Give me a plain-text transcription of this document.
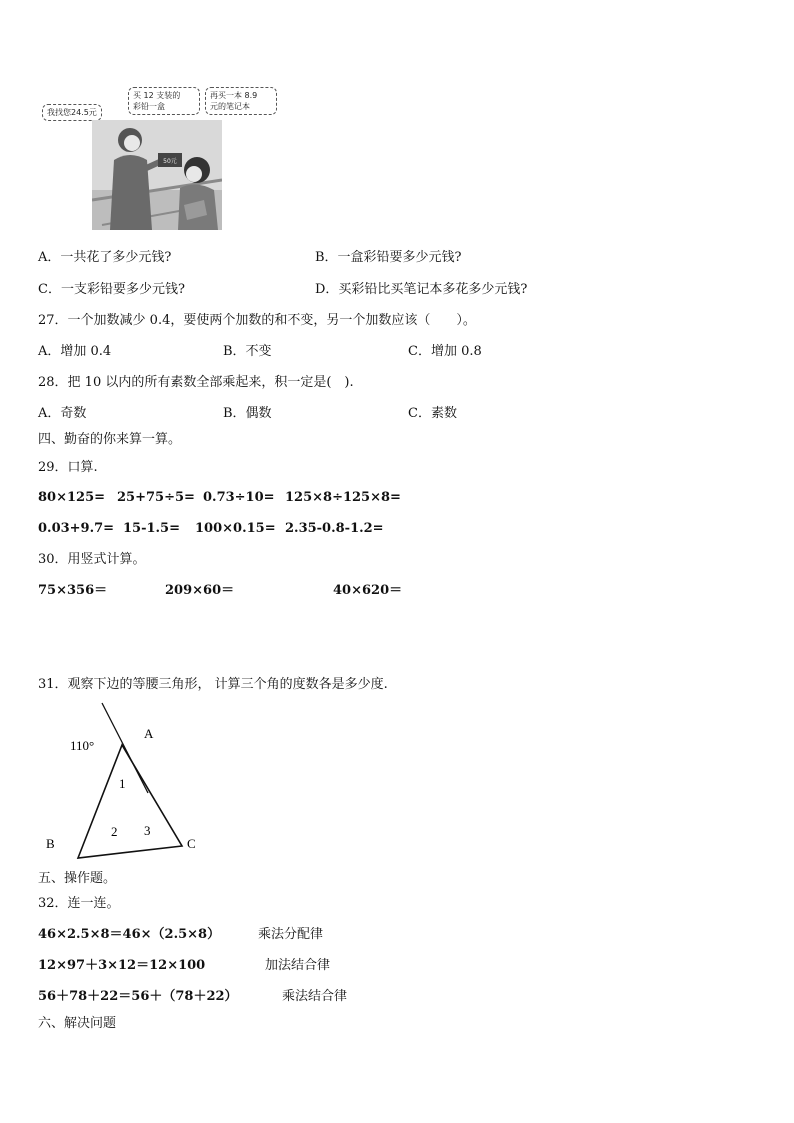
我找您24.5元
买 12 支装的
彩铅一盒
再买一本 8.9
元的笔记本
50元
A．一共花了多少元钱?	B．一盒彩铅要多少元钱?
C．一支彩铅要多少元钱?	D．买彩铅比买笔记本多花多少元钱?
27．一个加数减少 0.4，要使两个加数的和不变，另一个加数应该（　　）。
A．增加 0.4	B．不变	C．增加 0.8
28．把 10 以内的所有素数全部乘起来，积一定是(　).
A．奇数	B．偶数	C．素数
四、勤奋的你来算一算。
29．口算.
80×125= 25+75÷5= 0.73÷10= 125×8÷125×8=
0.03+9.7= 15-1.5= 100×0.15= 2.35-0.8-1.2=
30．用竖式计算。
75×356＝	209×60＝	40×620＝
31．观察下边的等腰三角形， 计算三个角的度数各是多少度.
110°
A
B	C
1
2 3
五、操作题。
32．连一连。
46×2.5×8＝46×（2.5×8）	乘法分配律
12×97＋3×12＝12×100	加法结合律
56＋78＋22＝56＋（78＋22）	乘法结合律
六、解决问题
